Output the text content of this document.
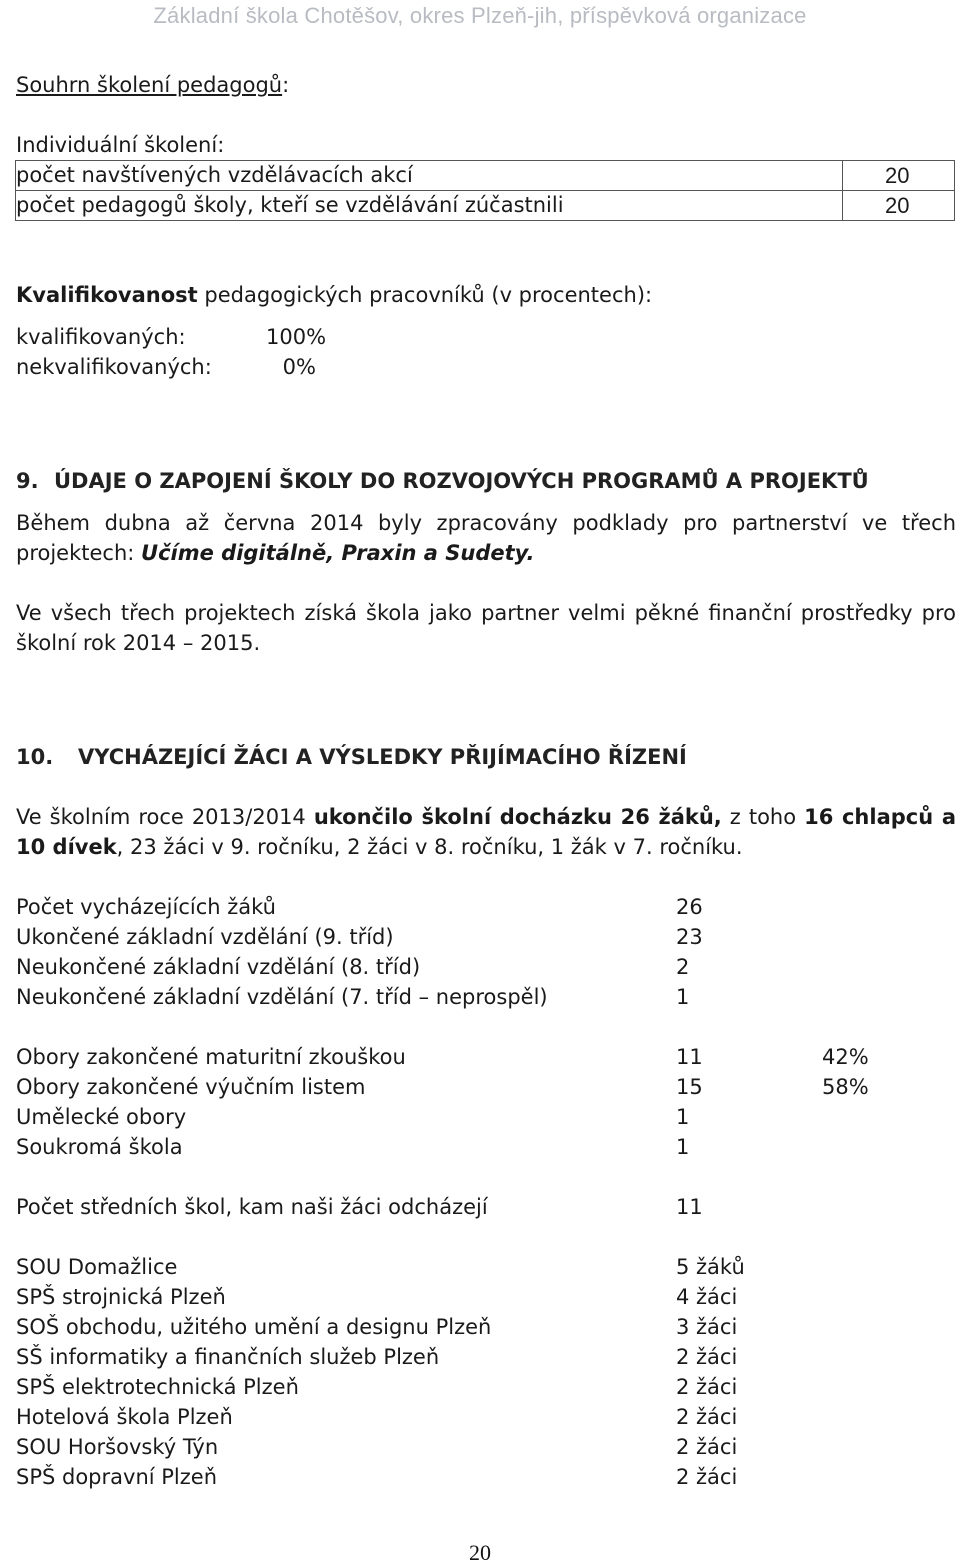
Základní škola Chotěšov, okres Plzeň-jih, příspěvková organizace
Souhrn školení pedagogů:
Individuální školení:
počet navštívených vzdělávacích akcí	20
počet pedagogů školy, kteří se vzdělávání zúčastnili	20
Kvalifikovanost pedagogických pracovníků (v procentech):
kvalifikovaných:	100%
nekvalifikovaných:	0%
9. ÚDAJE O ZAPOJENÍ ŠKOLY DO ROZVOJOVÝCH PROGRAMŮ A PROJEKTŮ
Během dubna až června 2014 byly zpracovány podklady pro partnerství ve třech projektech: Učíme digitálně, Praxin a Sudety.
Ve všech třech projektech získá škola jako partner velmi pěkné finanční prostředky pro školní rok 2014 – 2015.
10. VYCHÁZEJÍCÍ ŽÁCI A VÝSLEDKY PŘIJÍMACÍHO ŘÍZENÍ
Ve školním roce 2013/2014 ukončilo školní docházku 26 žáků, z toho 16 chlapců a 10 dívek, 23 žáci v 9. ročníku, 2 žáci v 8. ročníku, 1 žák v 7. ročníku.
Počet vycházejících žáků	26
Ukončené základní vzdělání (9. tříd)	23
Neukončené základní vzdělání (8. tříd)	2
Neukončené základní vzdělání (7. tříd – neprospěl)	1
Obory zakončené maturitní zkouškou	11	42%
Obory zakončené výučním listem	15	58%
Umělecké obory	1
Soukromá škola	1
Počet středních škol, kam naši žáci odcházejí	11
SOU Domažlice	5 žáků
SPŠ strojnická Plzeň	4 žáci
SOŠ obchodu, užitého umění a designu Plzeň	3 žáci
SŠ informatiky a finančních služeb Plzeň	2 žáci
SPŠ elektrotechnická Plzeň	2 žáci
Hotelová škola Plzeň	2 žáci
SOU Horšovský Týn	2 žáci
SPŠ dopravní Plzeň	2 žáci
20
